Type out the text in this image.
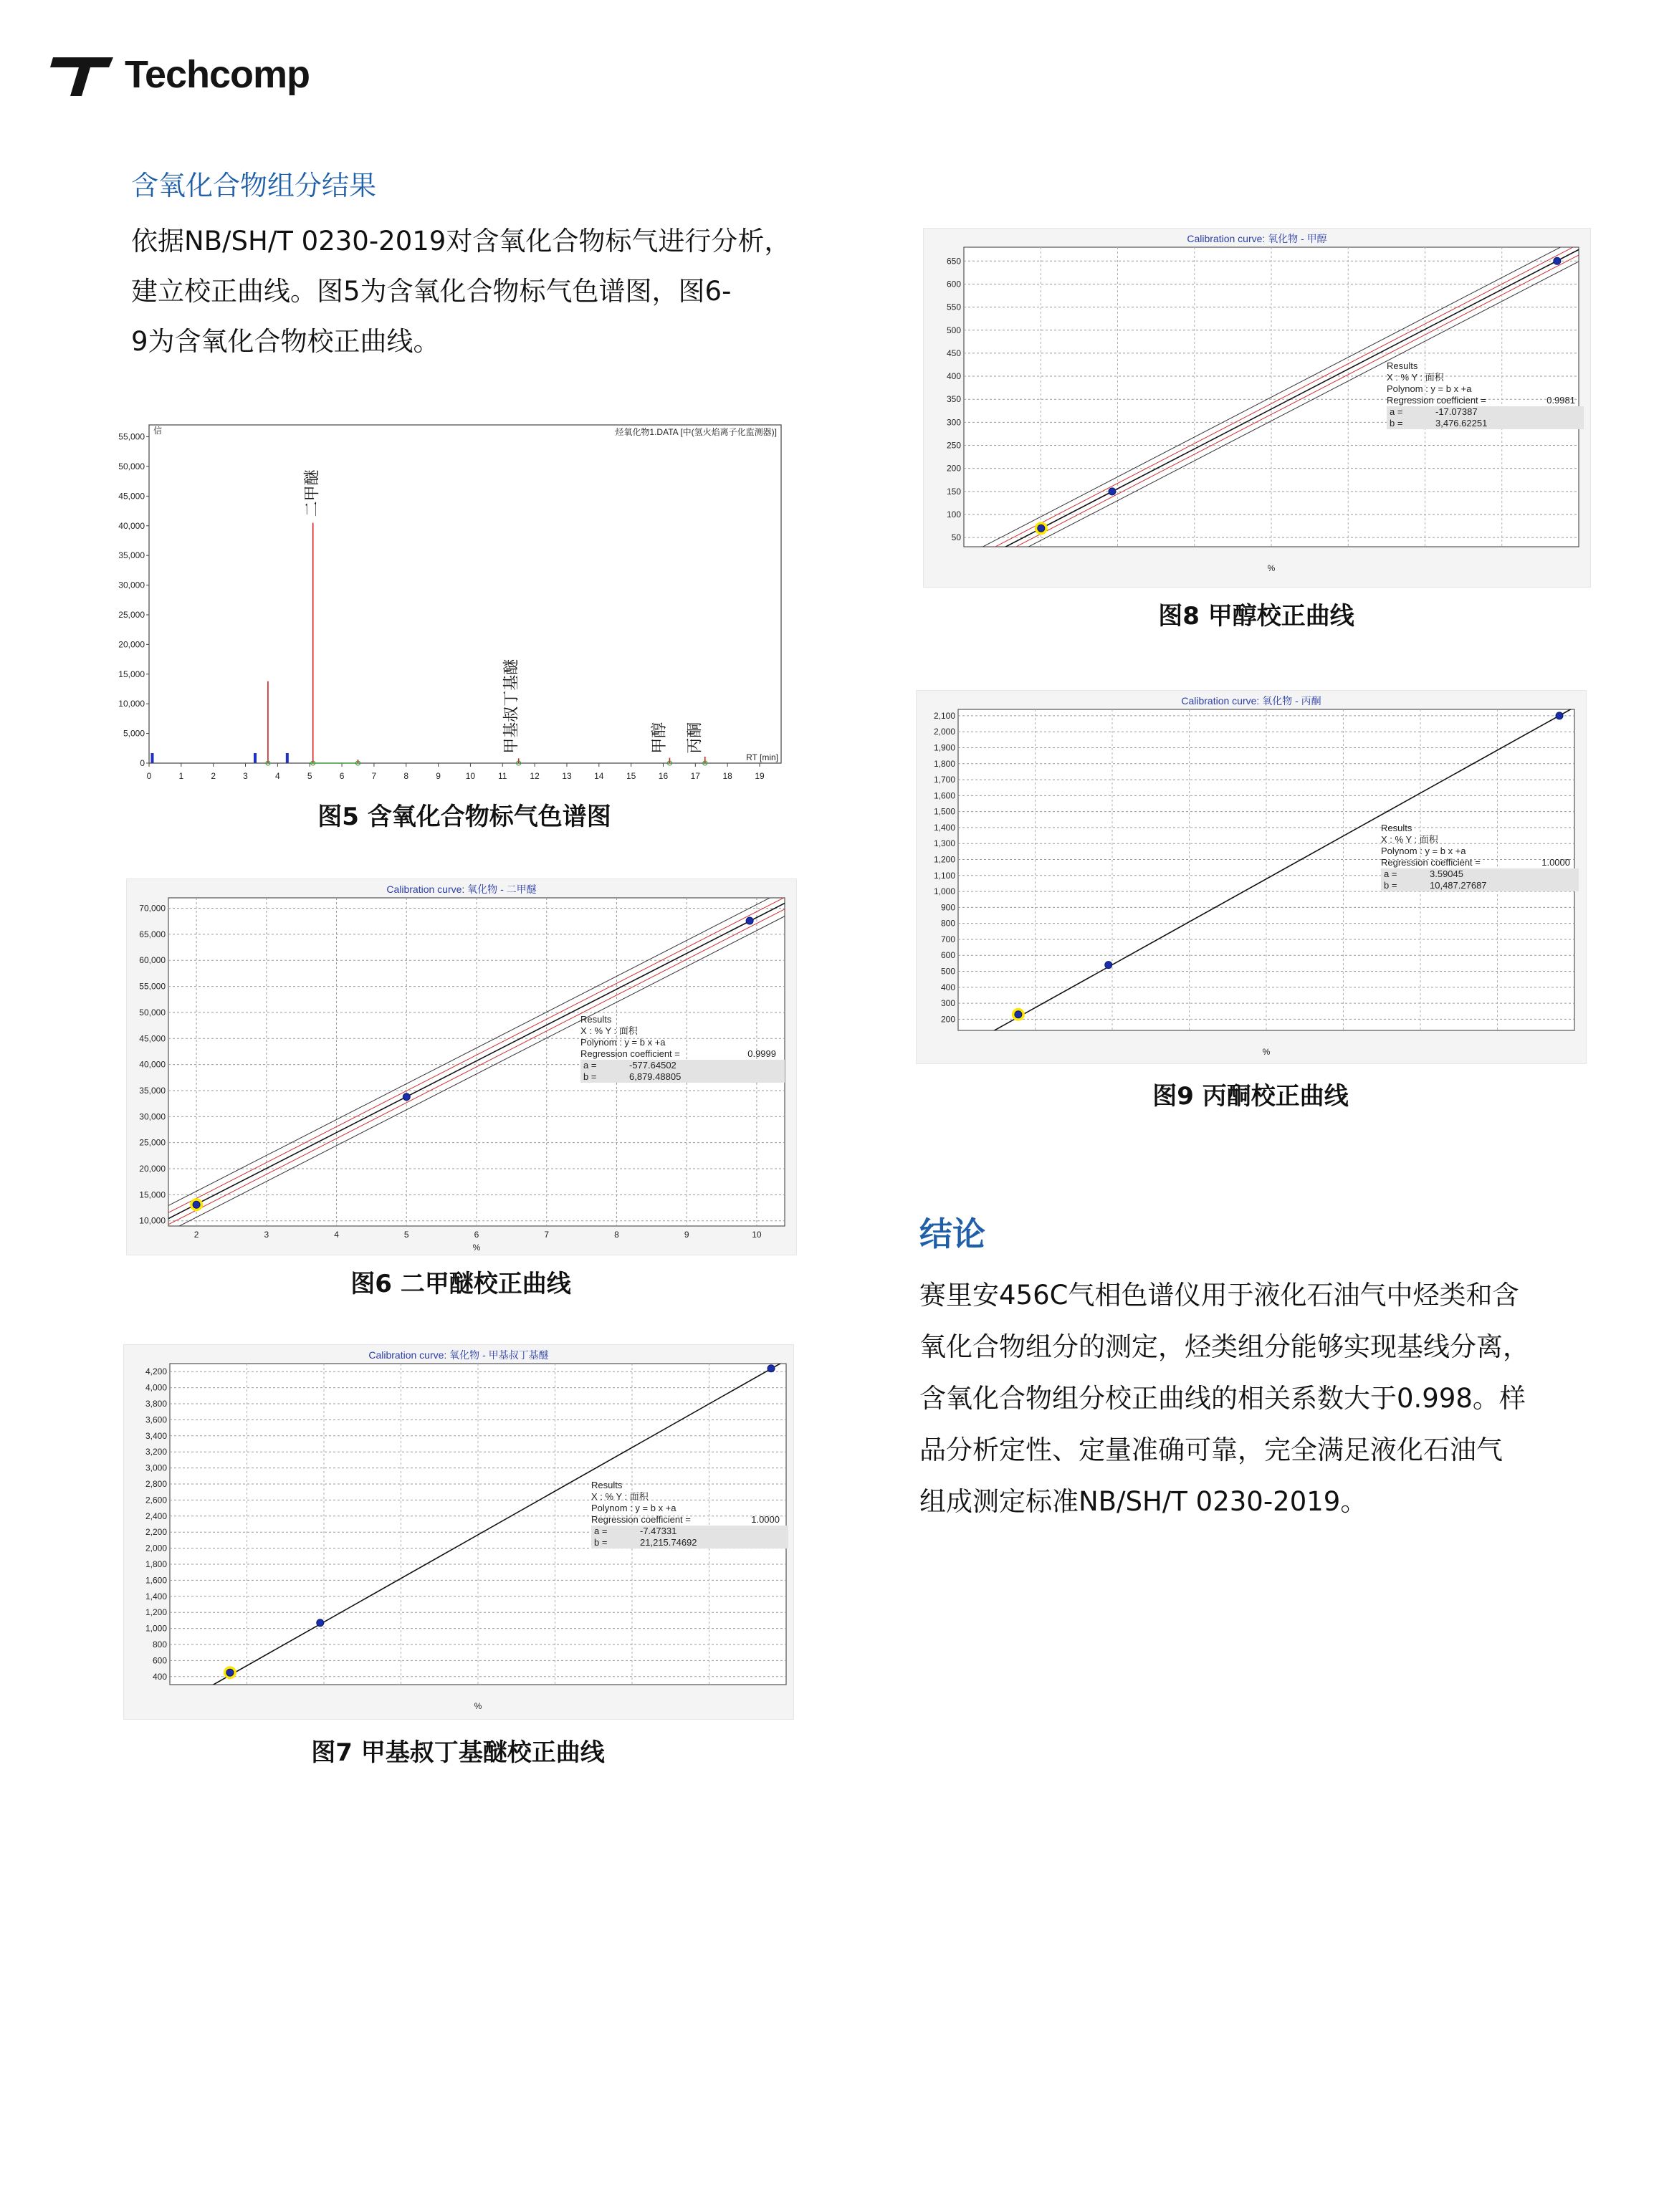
Techcomp
含氧化合物组分结果
依据NB/SH/T 0230-2019对含氧化合物标气进行分析，
建立校正曲线。图5为含氧化合物标气色谱图，图6-
9为含氧化合物校正曲线。
0
5,000
10,000
15,000
20,000
25,000
30,000
35,000
40,000
45,000
50,000
55,000
0	1	2	3	4	5	6	7	8	9	10	11	12	13	14	15	16	17	18	19
RT [min]
信	烃氧化物1.DATA [中(氢火焰离子化监测器)]
二甲醚
甲基叔丁基醚	甲醇 丙酮
图5 含氧化合物标气色谱图
Calibration curve: 氧化物 - 二甲醚
10,000
15,000
20,000
25,000
30,000
35,000
40,000
45,000
50,000
55,000
60,000
65,000
70,000
2	3	4	5	6	7	8	9	10
%
Results
X : % Y : 面积
Polynom : y = b x +a
Regression coefficient =	0.9999
a =	-577.64502
b =	6,879.48805
图6 二甲醚校正曲线
Calibration curve: 氧化物 - 甲基叔丁基醚
400
600
800
1,000
1,200
1,400
1,600
1,800
2,000
2,200
2,400
2,600
2,800
3,000
3,200
3,400
3,600
3,800
4,000
4,200
%
Results
X : % Y : 面积
Polynom : y = b x +a
Regression coefficient =	1.0000
a =	-7.47331
b =	21,215.74692
图7 甲基叔丁基醚校正曲线
Calibration curve: 氧化物 - 甲醇
50
100
150
200
250
300
350
400
450
500
550
600
650
%
Results
X : % Y : 面积
Polynom : y = b x +a
Regression coefficient =	0.9981
a =	-17.07387
b =	3,476.62251
图8 甲醇校正曲线
Calibration curve: 氧化物 - 丙酮
200
300
400
500
600
700
800
900
1,000
1,100
1,200
1,300
1,400
1,500
1,600
1,700
1,800
1,900
2,000
2,100
%
Results
X : % Y : 面积
Polynom : y = b x +a
Regression coefficient =	1.0000
a =	3.59045
b =	10,487.27687
图9 丙酮校正曲线
结论
赛里安456C气相色谱仪用于液化石油气中烃类和含
氧化合物组分的测定，烃类组分能够实现基线分离，
含氧化合物组分校正曲线的相关系数大于0.998。样
品分析定性、定量准确可靠，完全满足液化石油气
组成测定标准NB/SH/T 0230-2019。
